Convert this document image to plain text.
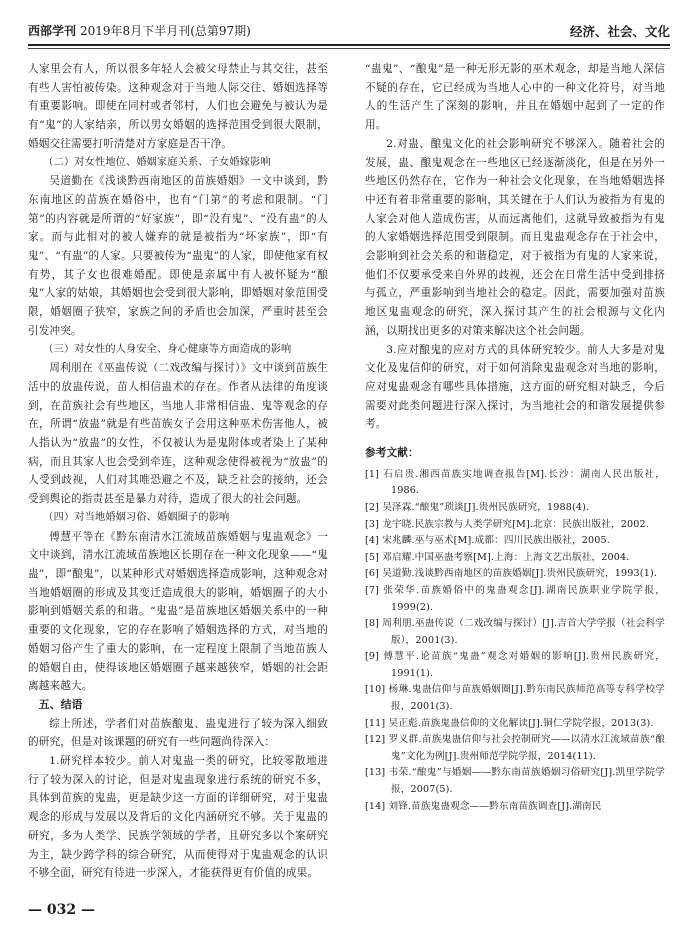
西部学刊 2019年8月下半月刊(总第97期)	经济、社会、文化

人家里会有人，所以很多年轻人会被父母禁止与其交往，甚至有些人害怕被传染。这种观念对于当地人际交往、婚姻选择等有重要影响。即使在同村或者邻村，人们也会避免与被认为是有“鬼”的人家结亲，所以男女婚姻的选择范围受到很大限制，婚姻交往需要打听清楚对方家庭是否干净。

（二）对女性地位、婚姻家庭关系、子女婚嫁影响

吴道勤在《浅谈黔西南地区的苗族婚姻》一文中谈到，黔东南地区的苗族在婚俗中，也有“门第”的考虑和限制。“门第”的内容就是所谓的“好家族”，即“没有鬼”、“没有蛊”的人家。而与此相对的被人嫌弃的就是被指为“坏家族”，即“有鬼”、“有蛊”的人家。只要被传为“蛊鬼”的人家，即使他家有权有势，其子女也很难婚配。即使是亲属中有人被怀疑为“酿鬼”人家的姑娘，其婚姻也会受到很大影响，即婚姻对象范围受限，婚姻圈子狭窄，家族之间的矛盾也会加深，严重时甚至会引发冲突。

（三）对女性的人身安全、身心健康等方面造成的影响

周利朋在《巫蛊传说（二戏改编与探讨）》文中谈到苗族生活中的放蛊传说，苗人相信蛊术的存在。作者从法律的角度谈到，在苗族社会有些地区，当地人非常相信蛊、鬼等观念的存在，所谓“放蛊”就是有些苗族女子会用这种巫术伤害他人，被人指认为“放蛊”的女性，不仅被认为是鬼附体或者染上了某种病，而且其家人也会受到牵连，这种观念使得被视为“放蛊”的人受到歧视，人们对其唯恐避之不及，缺乏社会的接纳，还会受到舆论的指责甚至是暴力对待，造成了很大的社会问题。

（四）对当地婚姻习俗、婚姻圈子的影响

傅慧平等在《黔东南清水江流域苗族婚姻与鬼蛊观念》一文中谈到，清水江流域苗族地区长期存在一种文化现象——“鬼蛊”，即“酿鬼”，以某种形式对婚姻选择造成影响，这种观念对当地婚姻圈的形成及其变迁造成很大的影响，婚姻圈子的大小影响到婚姻关系的和谐。“鬼蛊”是苗族地区婚姻关系中的一种重要的文化现象，它的存在影响了婚姻选择的方式，对当地的婚姻习俗产生了重大的影响，在一定程度上限制了当地苗族人的婚姻自由，使得该地区婚姻圈子越来越狭窄，婚姻的社会距离越来越大。

五、结语

综上所述，学者们对苗族酿鬼、蛊鬼进行了较为深入细致的研究，但是对该课题的研究有一些问题尚待深入：

1.研究样本较少。前人对鬼蛊一类的研究，比较零散地进行了较为深入的讨论，但是对鬼蛊现象进行系统的研究不多，具体到苗族的鬼蛊，更是缺少这一方面的详细研究，对于鬼蛊观念的形成与发展以及背后的文化内涵研究不够。关于鬼蛊的研究，多为人类学、民族学领域的学者，且研究多以个案研究为主，缺少跨学科的综合研究，从而使得对于鬼蛊观念的认识不够全面，研究有待进一步深入，才能获得更有价值的成果。

“蛊鬼”、“酿鬼”是一种无形无影的巫术观念，却是当地人深信不疑的存在，它已经成为当地人心中的一种文化符号，对当地人的生活产生了深刻的影响，并且在婚姻中起到了一定的作用。

2.对蛊、酿鬼文化的社会影响研究不够深入。随着社会的发展，蛊、酿鬼观念在一些地区已经逐渐淡化，但是在另外一些地区仍然存在，它作为一种社会文化现象，在当地婚姻选择中还有着非常重要的影响，其关键在于人们认为被指为有鬼的人家会对他人造成伤害，从而远离他们，这就导致被指为有鬼的人家婚姻选择范围受到限制。而且鬼蛊观念存在于社会中，会影响到社会关系的和谐稳定，对于被指为有鬼的人家来说，他们不仅要承受来自外界的歧视，还会在日常生活中受到排挤与孤立，严重影响到当地社会的稳定。因此，需要加强对苗族地区鬼蛊观念的研究，深入探讨其产生的社会根源与文化内涵，以期找出更多的对策来解决这个社会问题。

3.应对酿鬼的应对方式的具体研究较少。前人大多是对鬼文化及鬼信仰的研究，对于如何消除鬼蛊观念对当地的影响，应对鬼蛊观念有哪些具体措施，这方面的研究相对缺乏，今后需要对此类问题进行深入探讨，为当地社会的和谐发展提供参考。

参考文献：
[1] 石启贵.湘西苗族实地调查报告[M].长沙：湖南人民出版社，1986.
[2] 吴泽霖.“酿鬼”琐谈[J].贵州民族研究，1988(4).
[3] 龙宇晓.民族宗教与人类学研究[M].北京：民族出版社，2002.
[4] 宋兆麟.巫与巫术[M].成都：四川民族出版社，2005.
[5] 邓启耀.中国巫蛊考察[M].上海：上海文艺出版社，2004.
[6] 吴道勤.浅谈黔西南地区的苗族婚姻[J].贵州民族研究，1993(1).
[7] 张荣华.苗族婚俗中的鬼蛊观念[J].湖南民族职业学院学报，1999(2).
[8] 周利朋.巫蛊传说（二戏改编与探讨）[J].吉首大学学报（社会科学版），2001(3).
[9] 傅慧平.论苗族“鬼蛊”观念对婚姻的影响[J].贵州民族研究，1991(1).
[10] 杨琳.鬼蛊信仰与苗族婚姻圈[J].黔东南民族师范高等专科学校学报，2001(3).
[11] 吴正彪.苗族鬼蛊信仰的文化解读[J].铜仁学院学报，2013(3).
[12] 罗义群.苗族鬼蛊信仰与社会控制研究——以清水江流域苗族“酿鬼”文化为例[J].贵州师范学院学报，2014(11).
[13] 韦荣.“酿鬼”与婚姻——黔东南苗族婚姻习俗研究[J].凯里学院学报，2007(5).
[14] 刘锋.苗族鬼蛊观念——黔东南苗族调查[J].湖南民
— 032 —
